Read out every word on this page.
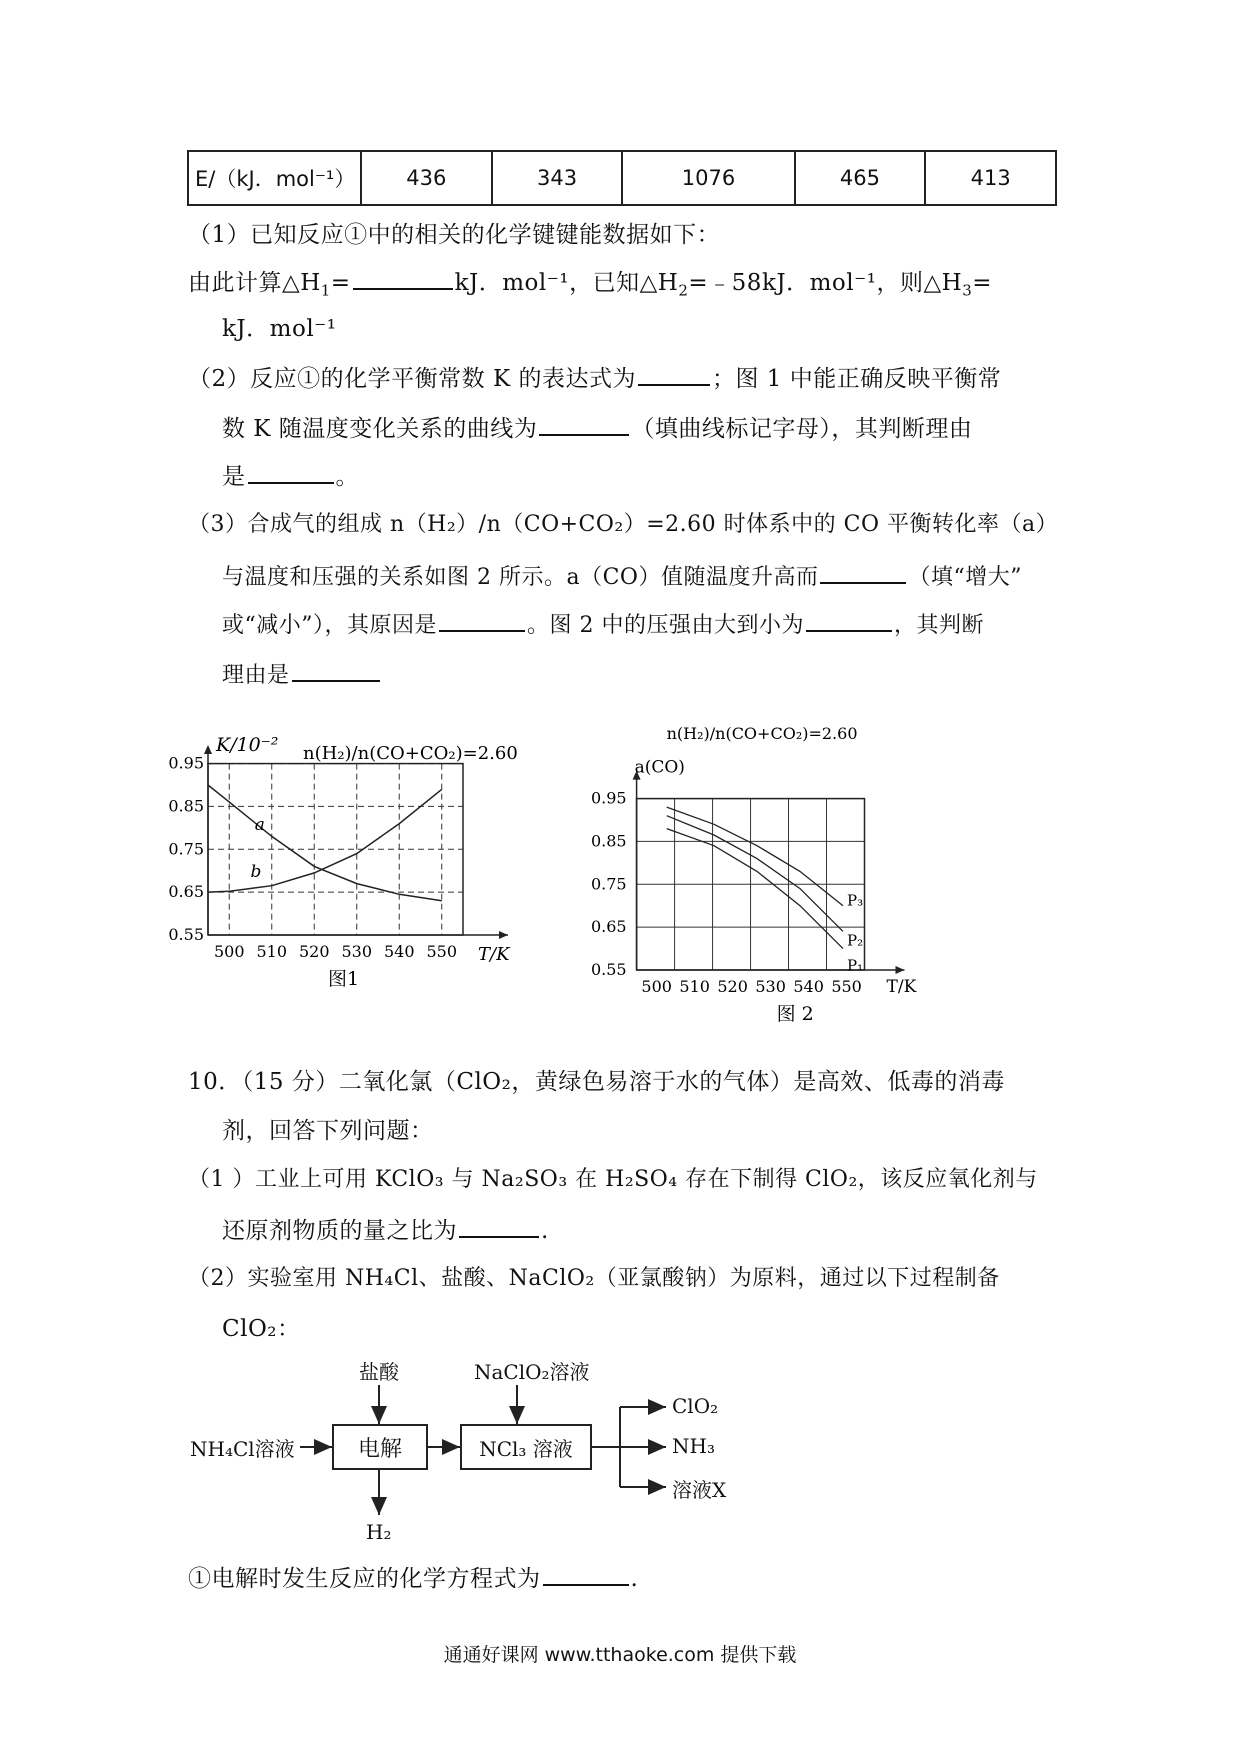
E/（kJ．mol⁻¹）	436	343	1076	465	413
（1）已知反应①中的相关的化学键键能数据如下：
由此计算$\triangle H_1=$	kJ．mol⁻¹，已知$\triangle H_2=﹣58kJ$．mol⁻¹，则$\triangle H_3=$
kJ．mol⁻¹
（2）反应①的化学平衡常数 K 的表达式为	；图 1 中能正确反映平衡常
数 K 随温度变化关系的曲线为	（填曲线标记字母），其判断理由
是	。
（3）合成气的组成 n（H₂）/n（CO+CO₂）=2.60 时体系中的 CO 平衡转化率（a）
与温度和压强的关系如图 2 所示。a（CO）值随温度升高而	（填“增大”
或“减小”），其原因是	。图 2 中的压强由大到小为	，其判断
理由是
a
b
500 510 520 530 540 550
0.95
0.85
0.75
0.65
0.55
K/10⁻² n(H₂)/n(CO+CO₂)=2.60
T/K
图1
P₃
P₂
P₁
500 510 520 530 540 550
0.95
0.85
0.75
0.65
0.55
n(H₂)/n(CO+CO₂)=2.60
a(CO)
T/K
图 2
10．（15 分）二氧化氯（ClO₂，黄绿色易溶于水的气体）是高效、低毒的消毒
剂，回答下列问题：
（1 ）工业上可用 KClO₃ 与 Na₂SO₃ 在 H₂SO₄ 存在下制得 ClO₂，该反应氧化剂与
还原剂物质的量之比为	.
（2）实验室用 NH₄Cl、盐酸、NaClO₂（亚氯酸钠）为原料，通过以下过程制备
ClO₂：
NH₄Cl溶液
盐酸
电解
H₂
NaClO₂溶液
NCl₃ 溶液
ClO₂
NH₃
溶液X
①电解时发生反应的化学方程式为	.
通通好课网 www.tthaoke.com 提供下载
